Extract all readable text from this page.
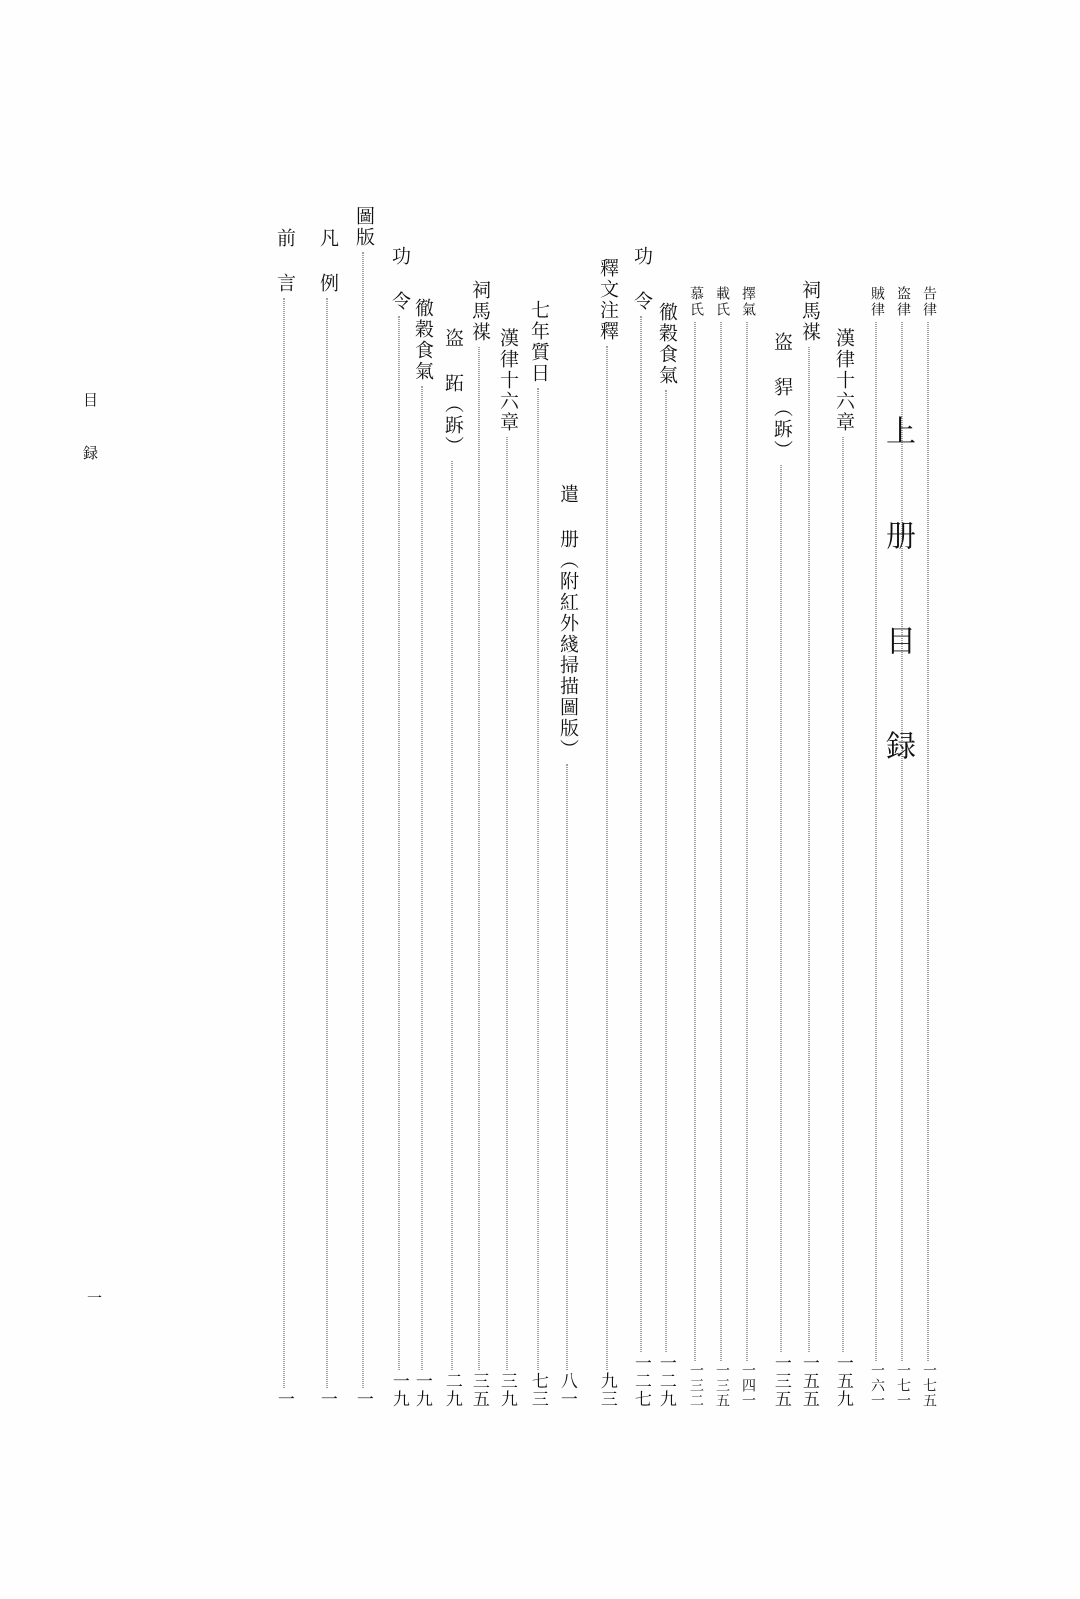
上 册 目 録
目 録
一
前 言
一
凡 例
一
圖版
一
功 令
一九
徹穀食氣
一九
盗 跖（跅）
二九
祠馬禖
三五
漢律十六章
三九
七年質日
七三
遣 册（附紅外綫掃描圖版）
八一
釋文注釋
九三
功 令
一二七
徹穀食氣
一二九
慕氏
一三二
載氏
一三五
擇氣
一四一
盗 貋（跅）
一三五
祠馬禖
一五五
漢律十六章
一五九
賊律
一六一
盗律
一七一
告律
一七五
